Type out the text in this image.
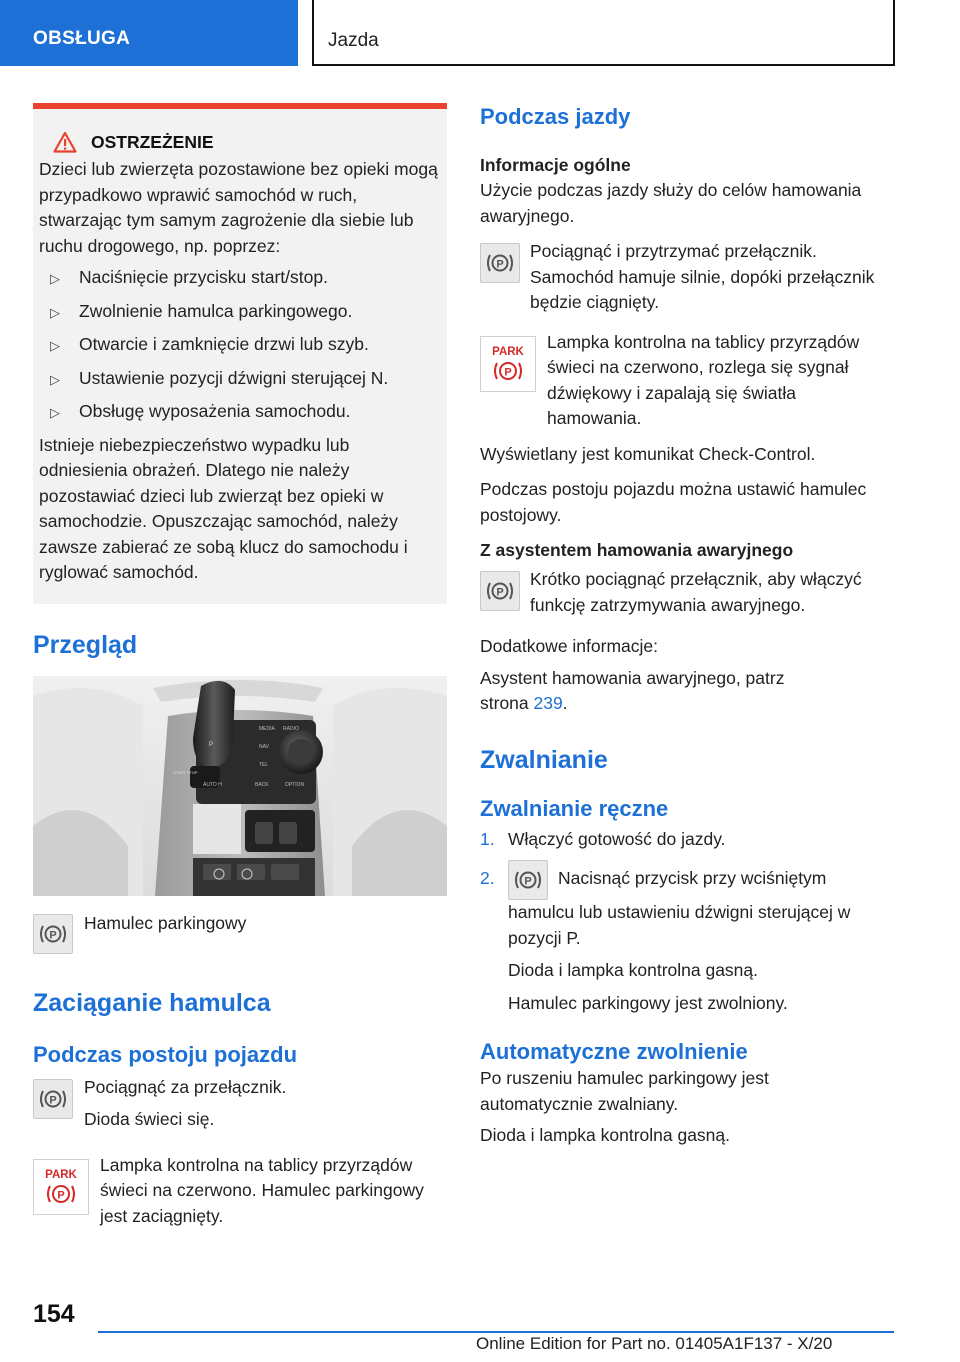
OBSŁUGA	Jazda
OSTRZEŻENIE

Dzieci lub zwierzęta pozostawione bez opieki mogą przypadkowo wprawić samochód w ruch, stwarzając tym samym zagrożenie dla siebie lub ruchu drogowego, np. poprzez:

▷	Naciśnięcie przycisku start/stop.
▷	Zwolnienie hamulca parkingowego.
▷	Otwarcie i zamknięcie drzwi lub szyb.
▷	Ustawienie pozycji dźwigni sterującej N.
▷	Obsługę wyposażenia samochodu.

Istnieje niebezpieczeństwo wypadku lub odniesienia obrażeń. Dlatego nie należy pozostawiać dzieci lub zwierząt bez opieki w samochodzie. Opuszczając samochód, należy zawsze zabierać ze sobą klucz do samochodu i ryglować samochód.

Przegląd
P
MEDIA RADIO
NAV
TEL
BACK	OPTION
START STOP
AUTO H
P

Hamulec parkingowy

Zaciąganie hamulca
Podczas postoju pojazdu
P

Pociągnąć za przełącznik.

Dioda świeci się.

PARK
P

Lampka kontrolna na tablicy przyrządów świeci na czerwono. Hamulec parkingowy jest zaciągnięty.

Podczas jazdy
Informacje ogólne

Użycie podczas jazdy służy do celów hamowania awaryjnego.

P

Pociągnąć i przytrzymać przełącznik. Samochód hamuje silnie, dopóki przełącznik będzie ciągnięty.

PARK
P

Lampka kontrolna na tablicy przyrządów świeci na czerwono, rozlega się sygnał dźwiękowy i zapalają się światła hamowania.

Wyświetlany jest komunikat Check-Control.

Podczas postoju pojazdu można ustawić hamulec postojowy.

Z asystentem hamowania awaryjnego
P

Krótko pociągnąć przełącznik, aby włączyć funkcję zatrzymywania awaryjnego.

Dodatkowe informacje:

Asystent hamowania awaryjnego, patrz strona 239.

Zwalnianie
Zwalnianie ręczne
1. Włączyć gotowość do jazdy.
2.	P Nacisnąć przycisk przy wciśniętym hamulcu lub ustawieniu dźwigni sterującej w pozycji P.

Dioda i lampka kontrolna gasną.

Hamulec parkingowy jest zwolniony.

Automatyczne zwolnienie

Po ruszeniu hamulec parkingowy jest automatycznie zwalniany.

Dioda i lampka kontrolna gasną.

154
Online Edition for Part no. 01405A1F137 - X/20
